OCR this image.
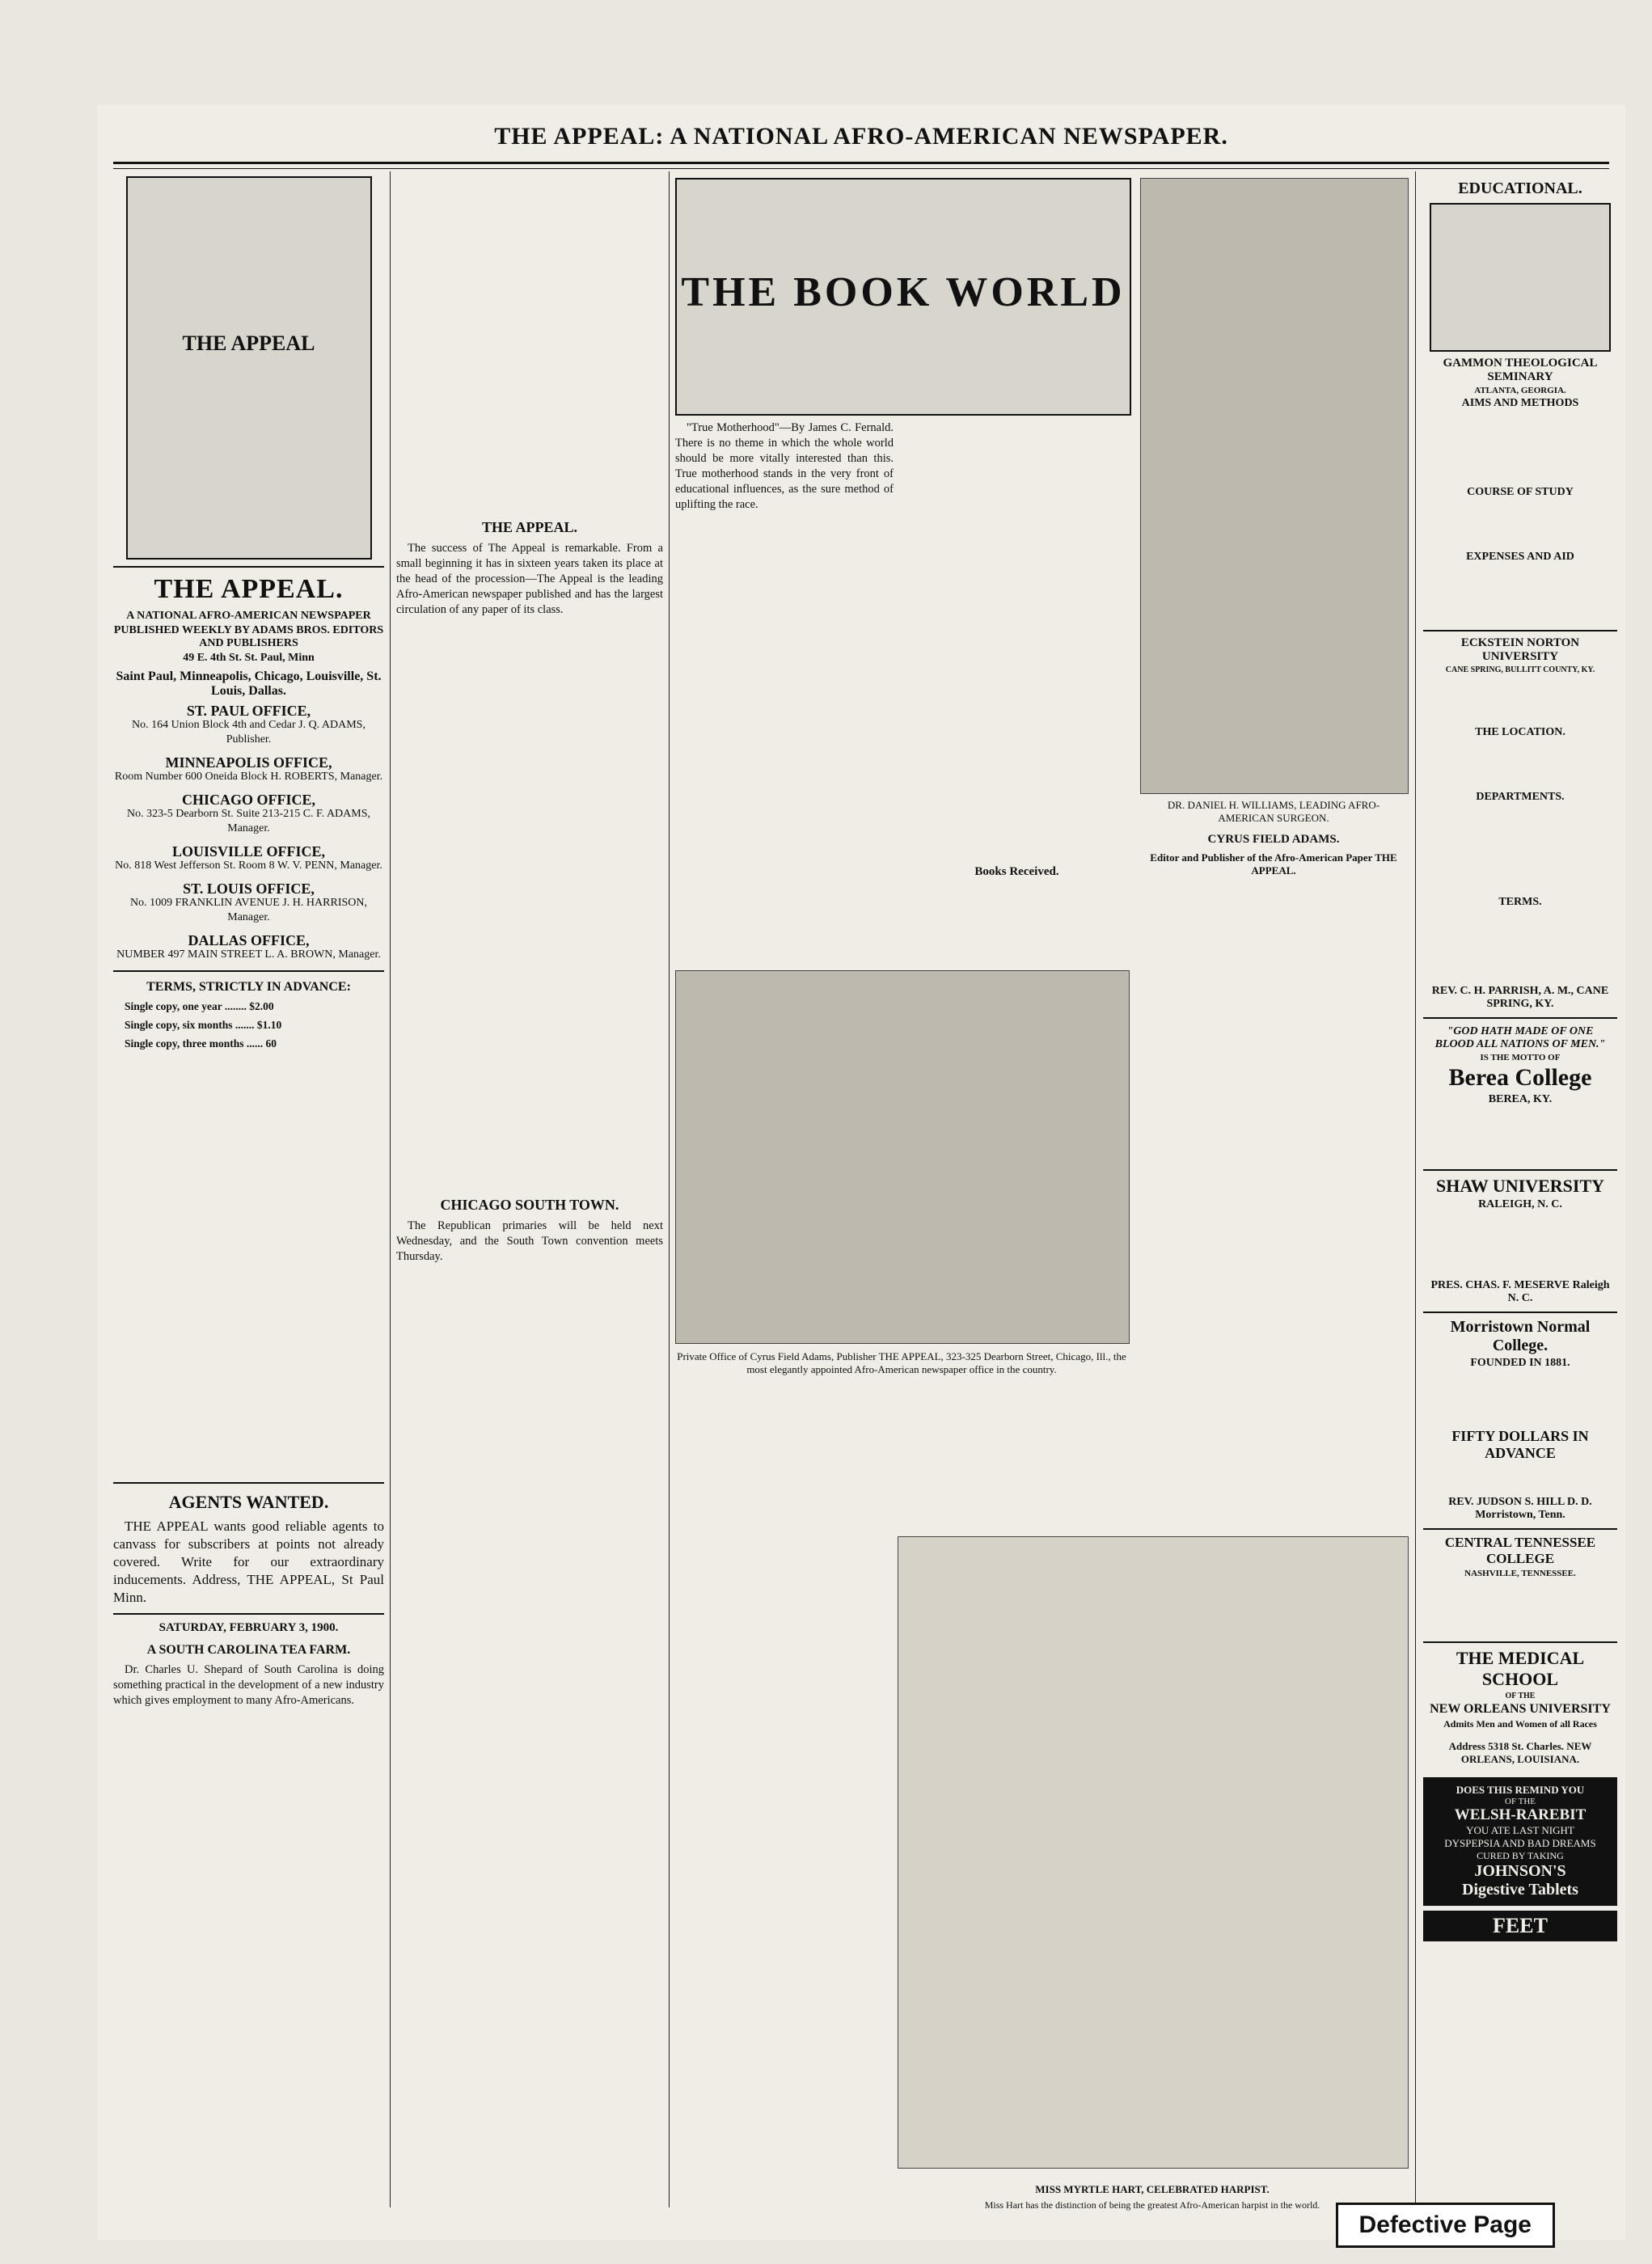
THE APPEAL: A NATIONAL AFRO-AMERICAN NEWSPAPER.
THE APPEAL
THE APPEAL.
A NATIONAL AFRO-AMERICAN NEWSPAPER
PUBLISHED WEEKLY BY ADAMS BROS. EDITORS AND PUBLISHERS
49 E. 4th St. St. Paul, Minn
Saint Paul, Minneapolis, Chicago, Louisville, St. Louis, Dallas.
ST. PAUL OFFICE,
No. 164 Union Block 4th and Cedar J. Q. ADAMS, Publisher.
MINNEAPOLIS OFFICE,
Room Number 600 Oneida Block H. ROBERTS, Manager.
CHICAGO OFFICE,
No. 323-5 Dearborn St. Suite 213-215 C. F. ADAMS, Manager.
LOUISVILLE OFFICE,
No. 818 West Jefferson St. Room 8 W. V. PENN, Manager.
ST. LOUIS OFFICE,
No. 1009 FRANKLIN AVENUE J. H. HARRISON, Manager.
DALLAS OFFICE,
NUMBER 497 MAIN STREET L. A. BROWN, Manager.
TERMS, STRICTLY IN ADVANCE:

Single copy, one year ........ $2.00

Single copy, six months ....... $1.10

Single copy, three months ...... 60

AGENTS WANTED.

THE APPEAL wants good reliable agents to canvass for subscribers at points not already covered. Write for our extraordinary inducements. Address, THE APPEAL, St Paul Minn.

SATURDAY, FEBRUARY 3, 1900.
A SOUTH CAROLINA TEA FARM.

Dr. Charles U. Shepard of South Carolina is doing something practical in the development of a new industry which gives employment to many Afro-Americans.

THE APPEAL.

The success of The Appeal is remarkable. From a small beginning it has in sixteen years taken its place at the head of the procession—The Appeal is the leading Afro-American newspaper published and has the largest circulation of any paper of its class.

CHICAGO SOUTH TOWN.

The Republican primaries will be held next Wednesday, and the South Town convention meets Thursday.

THE BOOK WORLD

"True Motherhood"—By James C. Fernald. There is no theme in which the whole world should be more vitally interested than this. True motherhood stands in the very front of educational influences, as the sure method of uplifting the race.

DR. DANIEL H. WILLIAMS, LEADING AFRO-AMERICAN SURGEON.
Books Received.
CYRUS FIELD ADAMS.
Editor and Publisher of the Afro-American Paper THE APPEAL.
Private Office of Cyrus Field Adams, Publisher THE APPEAL, 323-325 Dearborn Street, Chicago, Ill., the most elegantly appointed Afro-American newspaper office in the country.
MISS MYRTLE HART, CELEBRATED HARPIST.
Miss Hart has the distinction of being the greatest Afro-American harpist in the world.
EDUCATIONAL.
GAMMON THEOLOGICAL SEMINARY
ATLANTA, GEORGIA.
AIMS AND METHODS
COURSE OF STUDY
EXPENSES AND AID
ECKSTEIN NORTON UNIVERSITY
CANE SPRING, BULLITT COUNTY, KY.
THE LOCATION.
DEPARTMENTS.
TERMS.
REV. C. H. PARRISH, A. M., CANE SPRING, KY.
"GOD HATH MADE OF ONE BLOOD ALL NATIONS OF MEN."
IS THE MOTTO OF
Berea College
BEREA, KY.
SHAW UNIVERSITY
RALEIGH, N. C.
PRES. CHAS. F. MESERVE Raleigh N. C.
Morristown Normal College.
FOUNDED IN 1881.
FIFTY DOLLARS IN ADVANCE
REV. JUDSON S. HILL D. D. Morristown, Tenn.
CENTRAL TENNESSEE COLLEGE
NASHVILLE, TENNESSEE.
THE MEDICAL SCHOOL
OF THE
NEW ORLEANS UNIVERSITY
Admits Men and Women of all Races
Address 5318 St. Charles. NEW ORLEANS, LOUISIANA.
DOES THIS REMIND YOU
OF THE
WELSH-RAREBIT
YOU ATE LAST NIGHT
DYSPEPSIA AND BAD DREAMS
CURED BY TAKING
JOHNSON'S
Digestive Tablets
FEET
Defective Page
